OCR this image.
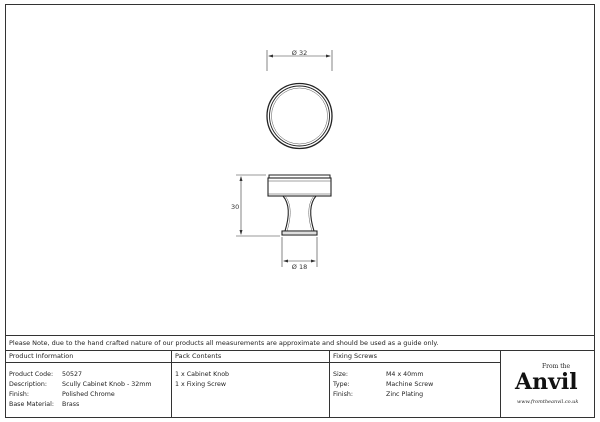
Ø 32
30
Ø 18
Please Note, due to the hand crafted nature of our products all measurements are approximate and should be used as a guide only.
Product Information
Product Code: 50527
Description: Scully Cabinet Knob - 32mm
Finish:	Polished Chrome
Base Material: Brass
Pack Contents
1 x Cabinet Knob
1 x Fixing Screw
Fixing Screws
Size:	M4 x 40mm
Type:	Machine Screw
Finish:	Zinc Plating
From the
Anvil
www.fromtheanvil.co.uk
